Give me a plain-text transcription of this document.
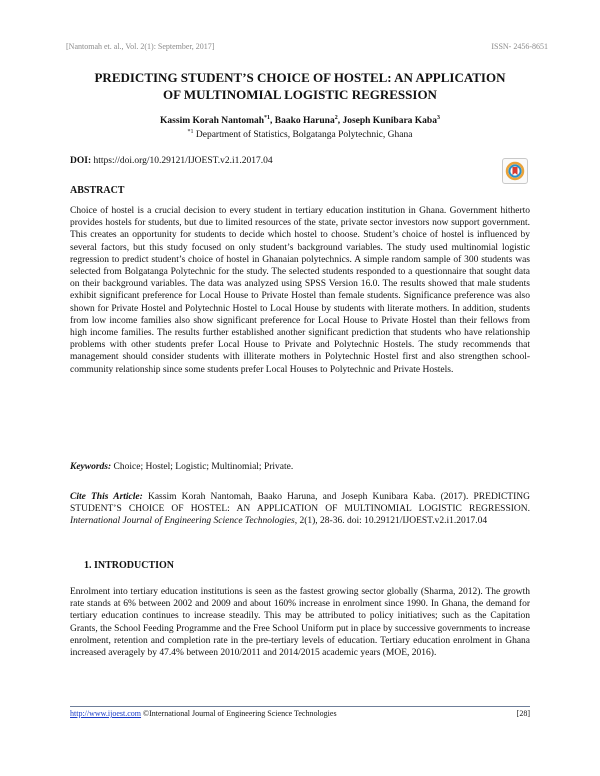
[Nantomah et. al., Vol. 2(1): September, 2017]	ISSN- 2456-8651
PREDICTING STUDENT’S CHOICE OF HOSTEL: AN APPLICATION
OF MULTINOMIAL LOGISTIC REGRESSION
Kassim Korah Nantomah$^{*1}$, Baako Haruna$^2$, Joseph Kunibara Kaba$^3$
$^{*1}$ Department of Statistics, Bolgatanga Polytechnic, Ghana
DOI: https://doi.org/10.29121/IJOEST.v2.i1.2017.04
ABSTRACT
Choice of hostel is a crucial decision to every student in tertiary education institution in Ghana. Government hitherto provides hostels for students, but due to limited resources of the state, private sector investors now support government. This creates an opportunity for students to decide which hostel to choose. Student’s choice of hostel is influenced by several factors, but this study focused on only student’s background variables. The study used multinomial logistic regression to predict student’s choice of hostel in Ghanaian polytechnics. A simple random sample of 300 students was selected from Bolgatanga Polytechnic for the study. The selected students responded to a questionnaire that sought data on their background variables. The data was analyzed using SPSS Version 16.0. The results showed that male students exhibit significant preference for Local House to Private Hostel than female students. Significance preference was also shown for Private Hostel and Polytechnic Hostel to Local House by students with literate mothers. In addition, students from low income families also show significant preference for Local House to Private Hostel than their fellows from high income families. The results further established another significant prediction that students who have relationship problems with other students prefer Local House to Private and Polytechnic Hostels. The study recommends that management should consider students with illiterate mothers in Polytechnic Hostel first and also strengthen school-community relationship since some students prefer Local Houses to Polytechnic and Private Hostels.
Keywords: Choice; Hostel; Logistic; Multinomial; Private.
Cite This Article: Kassim Korah Nantomah, Baako Haruna, and Joseph Kunibara Kaba. (2017). PREDICTING STUDENT’S CHOICE OF HOSTEL: AN APPLICATION OF MULTINOMIAL LOGISTIC REGRESSION. International Journal of Engineering Science Technologies, 2(1), 28-36. doi: 10.29121/IJOEST.v2.i1.2017.04
1. INTRODUCTION
Enrolment into tertiary education institutions is seen as the fastest growing sector globally (Sharma, 2012). The growth rate stands at 6% between 2002 and 2009 and about 160% increase in enrolment since 1990. In Ghana, the demand for tertiary education continues to increase steadily. This may be attributed to policy initiatives; such as the Capitation Grants, the School Feeding Programme and the Free School Uniform put in place by successive governments to increase enrolment, retention and completion rate in the pre-tertiary levels of education. Tertiary education enrolment in Ghana increased averagely by 47.4% between 2010/2011 and 2014/2015 academic years (MOE, 2016).
http://www.ijoest.com ©International Journal of Engineering Science Technologies	[28]
